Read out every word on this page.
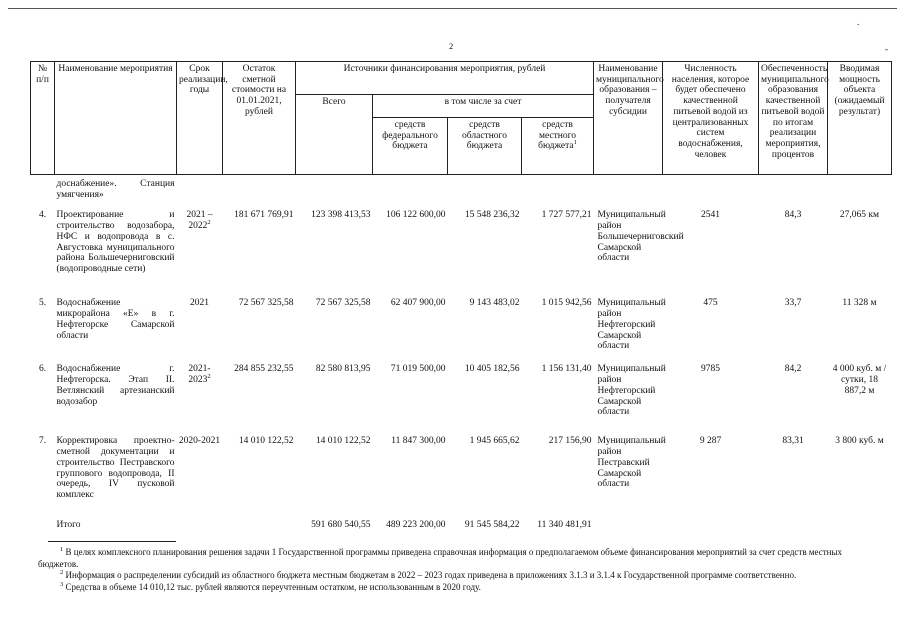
.
-
2
№ п/п	Наименование мероприятия	Срок реализации, годы	Остаток сметной стоимости на 01.01.2021, рублей	Источники финансирования мероприятия, рублей				Наименование муниципального образования – получателя субсидии	Численность населения, которое будет обеспечено качественной питьевой водой из централизованных систем водоснабжения, человек	Обеспеченность муниципального образования качественной питьевой водой по итогам реализации мероприятия, процентов	Вводимая мощность объекта (ожидаемый результат)
				Всего	в том числе за счет						
					средств федерального бюджета	средств областного бюджета	средств местного бюджета$^1$
	доснабжение». Станция умягчения»										
4.	Проектирование и строительство водозабора, НФС и водопровода в с. Августовка муниципального района Большечерниговский (водопроводные сети)	2021 – 2022$^2$	181 671 769,91	123 398 413,53	106 122 600,00	15 548 236,32	1 727 577,21	Муниципальный район Большечерниговский Самарской области	2541	84,3	27,065 км
5.	Водоснабжение микрорайона «Е» в г. Нефтегорске Самарской области	2021	72 567 325,58	72 567 325,58	62 407 900,00	9 143 483,02	1 015 942,56	Муниципальный район Нефтегорский Самарской области	475	33,7	11 328 м
6.	Водоснабжение г. Нефтегорска. Этап II. Ветлянский артезианский водозабор	2021-2023$^2$	284 855 232,55	82 580 813,95	71 019 500,00	10 405 182,56	1 156 131,40	Муниципальный район Нефтегорский Самарской области	9785	84,2	4 000 куб. м / сутки, 18 887,2 м
7.	Корректировка проектно-сметной документации и строительство Пестравского группового водопровода, II очередь, IV пусковой комплекс	2020-2021	14 010 122,52	14 010 122,52	11 847 300,00	1 945 665,62	217 156,90	Муниципальный район Пестравский Самарской области	9 287	83,31	3 800 куб. м
	Итого			591 680 540,55	489 223 200,00	91 545 584,22	11 340 481,91				
$^1$ В целях комплексного планирования решения задачи 1 Государственной программы приведена справочная информация о предполагаемом объеме финансирования мероприятий за счет средств местных бюджетов.
$^2$ Информация о распределении субсидий из областного бюджета местным бюджетам в 2022 – 2023 годах приведена в приложениях 3.1.3 и 3.1.4 к Государственной программе соответственно.
$^3$ Средства в объеме 14 010,12 тыс. рублей являются переучтенным остатком, не использованным в 2020 году.
